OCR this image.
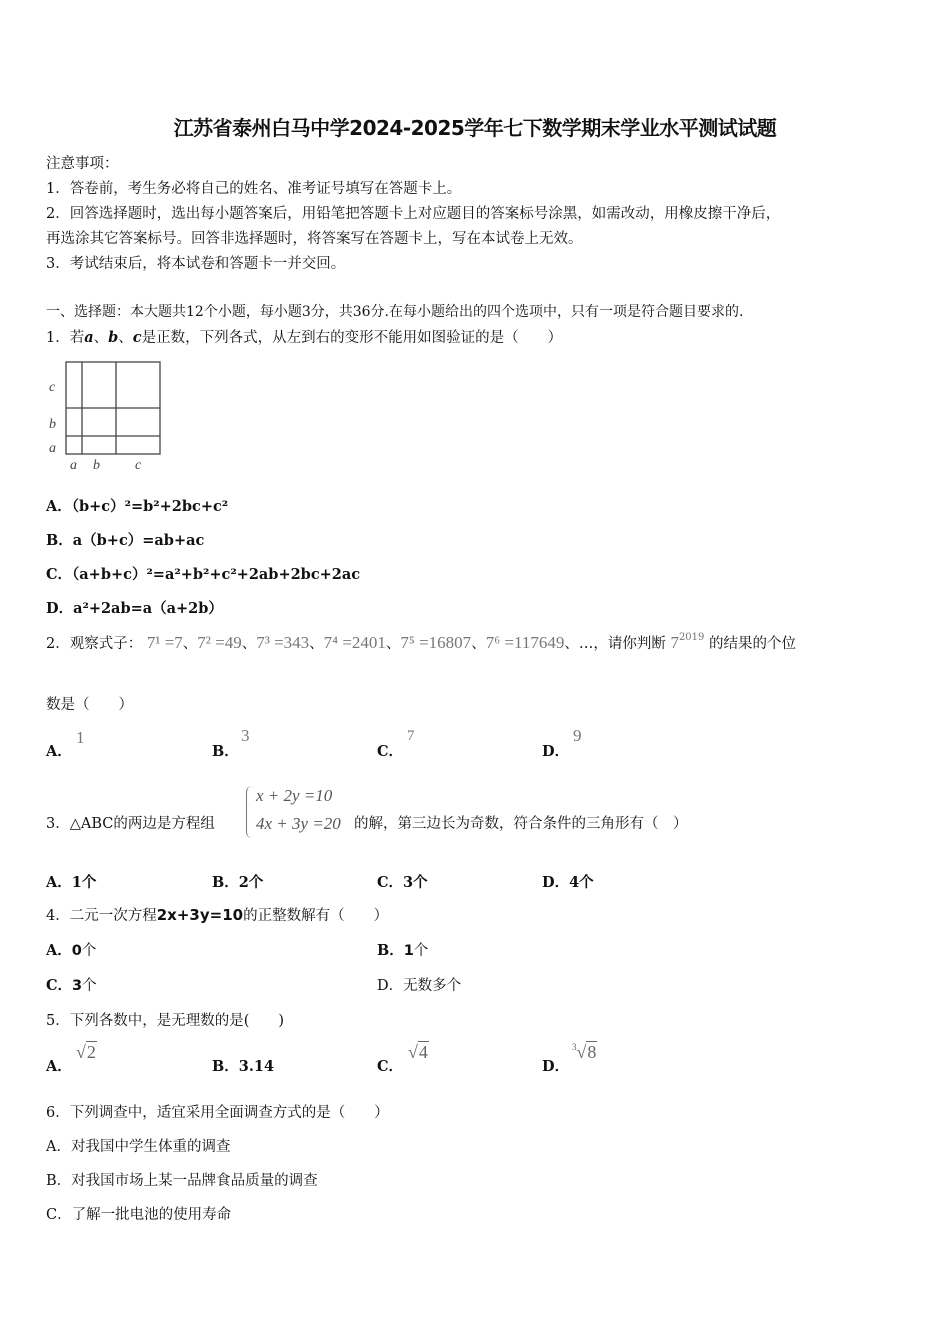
江苏省泰州白马中学2024-2025学年七下数学期末学业水平测试试题
注意事项：
1．答卷前，考生务必将自己的姓名、准考证号填写在答题卡上。
2．回答选择题时，选出每小题答案后，用铅笔把答题卡上对应题目的答案标号涂黑，如需改动，用橡皮擦干净后，
再选涂其它答案标号。回答非选择题时，将答案写在答题卡上，写在本试卷上无效。
3．考试结束后，将本试卷和答题卡一并交回。
一、选择题：本大题共12个小题，每小题3分，共36分.在每小题给出的四个选项中，只有一项是符合题目要求的.
1．若a、b、c是正数，下列各式，从左到右的变形不能用如图验证的是（　　）
c
b
a
a b	c
A．（b+c）²=b²+2bc+c²
B．a（b+c）=ab+ac
C．（a+b+c）²=a²+b²+c²+2ab+2bc+2ac
D．a²+2ab=a（a+2b）
2．观察式子： 7¹ =7、7² =49、7³ =343、7⁴ =2401、7⁵ =16807、7⁶ =117649、…，请你判断 $7^{2019}$ 的结果的个位
数是（　　）
A．
1
B．
3
C．
7
D．
9
3．△ABC的两边是方程组
x + 2y =10
4x + 3y =20 的解，第三边长为奇数，符合条件的三角形有（　）
A．1个	B．2个	C．3个	D．4个
4．二元一次方程2x+3y=10的正整数解有（　　）
A．0个	B．1个
C．3个	D．无数多个
5．下列各数中，是无理数的是(　　)
A．
√2
B．3.14	C．
√4
D．
$^3$√8
6．下列调查中，适宜采用全面调查方式的是（　　）
A．对我国中学生体重的调查
B．对我国市场上某一品牌食品质量的调查
C．了解一批电池的使用寿命
